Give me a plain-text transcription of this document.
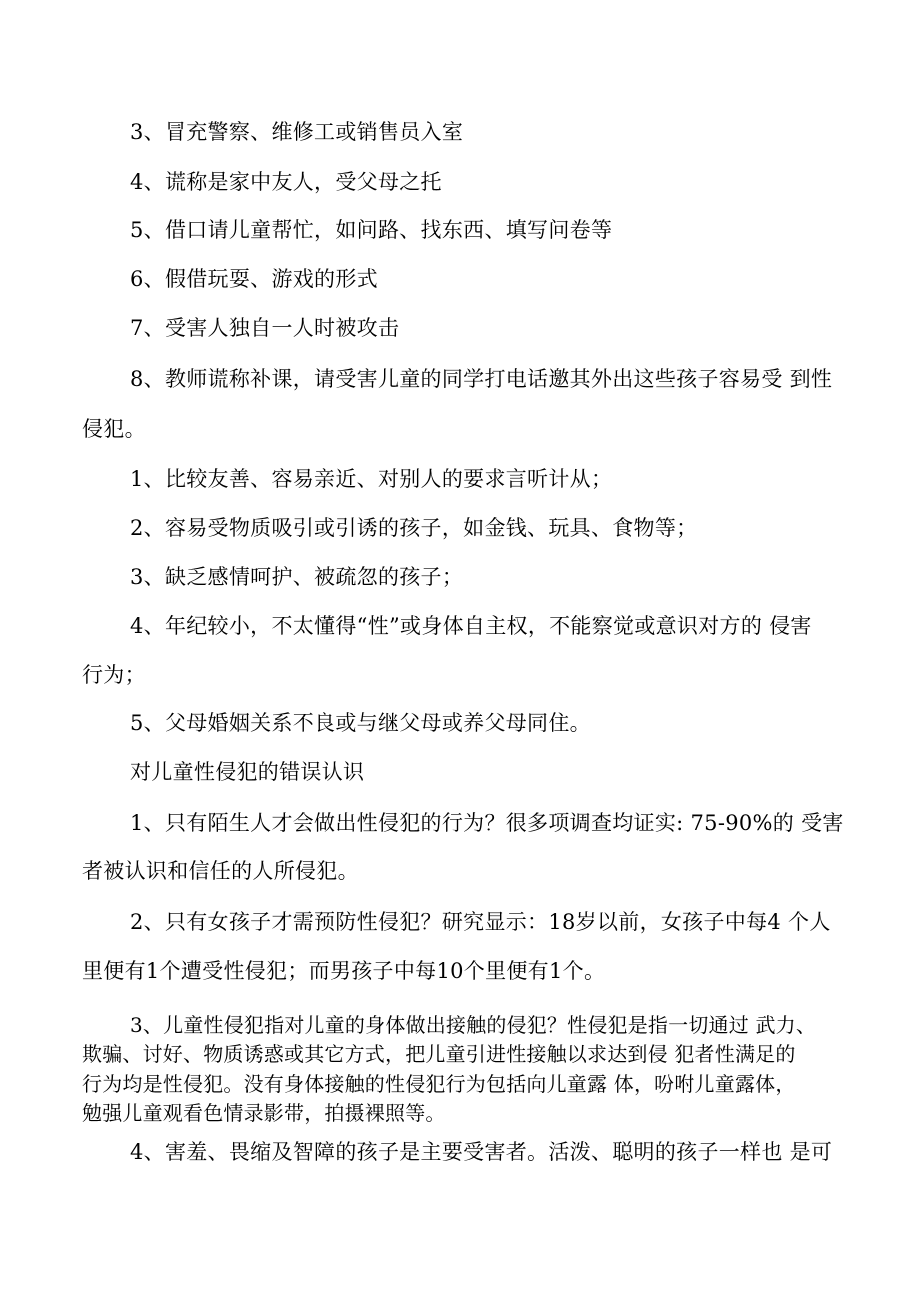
3、冒充警察、维修工或销售员入室
4、谎称是家中友人，受父母之托
5、借口请儿童帮忙，如问路、找东西、填写问卷等
6、假借玩耍、游戏的形式
7、受害人独自一人时被攻击
8、教师谎称补课，请受害儿童的同学打电话邀其外出这些孩子容易受 到性
侵犯。
1、比较友善、容易亲近、对别人的要求言听计从；
2、容易受物质吸引或引诱的孩子，如金钱、玩具、食物等；
3、缺乏感情呵护、被疏忽的孩子；
4、年纪较小，不太懂得“性”或身体自主权，不能察觉或意识对方的 侵害
行为；
5、父母婚姻关系不良或与继父母或养父母同住。
对儿童性侵犯的错误认识
1、只有陌生人才会做出性侵犯的行为？很多项调查均证实: 75-90%的 受害
者被认识和信任的人所侵犯。
2、只有女孩子才需预防性侵犯？研究显示：18岁以前，女孩子中每4 个人
里便有1个遭受性侵犯；而男孩子中每10个里便有1个。
3、儿童性侵犯指对儿童的身体做出接触的侵犯？性侵犯是指一切通过 武力、
欺骗、讨好、物质诱惑或其它方式，把儿童引进性接触以求达到侵 犯者性满足的
行为均是性侵犯。没有身体接触的性侵犯行为包括向儿童露 体，吩咐儿童露体，
勉强儿童观看色情录影带，拍摄裸照等。
4、害羞、畏缩及智障的孩子是主要受害者。活泼、聪明的孩子一样也 是可
